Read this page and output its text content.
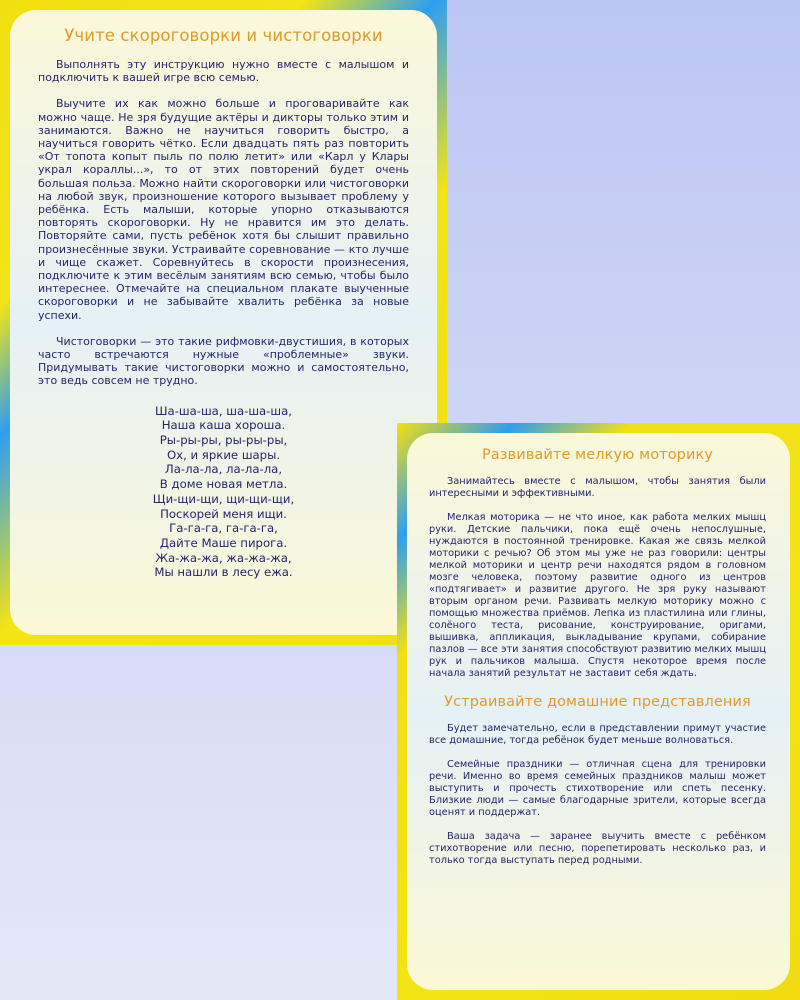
Учите скороговорки и чистоговорки

Выполнять эту инструкцию нужно вместе с малышом и подключить к вашей игре всю семью.

Выучите их как можно больше и проговаривайте как можно чаще. Не зря будущие актёры и дикторы только этим и занимаются. Важно не научиться говорить быстро, а научиться говорить чётко. Если двадцать пять раз повторить «От топота копыт пыль по полю летит» или «Карл у Клары украл кораллы...», то от этих повторений будет очень большая польза. Можно найти скороговорки или чистоговорки на любой звук, произношение которого вызывает проблему у ребёнка. Есть малыши, которые упорно отказываются повторять скороговорки. Ну не нравится им это делать. Повторяйте сами, пусть ребёнок хотя бы слышит правильно произнесённые звуки. Устраивайте соревнование — кто лучше и чище скажет. Соревнуйтесь в скорости произнесения, подключите к этим весёлым занятиям всю семью, чтобы было интереснее. Отмечайте на специальном плакате выученные скороговорки и не забывайте хвалить ребёнка за новые успехи.

Чистоговорки — это такие рифмовки-двустишия, в которых часто встречаются нужные «проблемные» звуки. Придумывать такие чистоговорки можно и самостоятельно, это ведь совсем не трудно.

Ша-ша-ша, ша-ша-ша,
Наша каша хороша.
Ры-ры-ры, ры-ры-ры,
Ох, и яркие шары.
Ла-ла-ла, ла-ла-ла,
В доме новая метла.
Щи-щи-щи, щи-щи-щи,
Поскорей меня ищи.
Га-га-га, га-га-га,
Дайте Маше пирога.
Жа-жа-жа, жа-жа-жа,
Мы нашли в лесу ежа.
Развивайте мелкую моторику

Занимайтесь вместе с малышом, чтобы занятия были интересными и эффективными.

Мелкая моторика — не что иное, как работа мелких мышц руки. Детские пальчики, пока ещё очень непослушные, нуждаются в постоянной тренировке. Какая же связь мелкой моторики с речью? Об этом мы уже не раз говорили: центры мелкой моторики и центр речи находятся рядом в головном мозге человека, поэтому развитие одного из центров «подтягивает» и развитие другого. Не зря руку называют вторым органом речи. Развивать мелкую моторику можно с помощью множества приёмов. Лепка из пластилина или глины, солёного теста, рисование, конструирование, оригами, вышивка, аппликация, выкладывание крупами, собирание пазлов — все эти занятия способствуют развитию мелких мышц рук и пальчиков малыша. Спустя некоторое время после начала занятий результат не заставит себя ждать.

Устраивайте домашние представления

Будет замечательно, если в представлении примут участие все домашние, тогда ребёнок будет меньше волноваться.

Семейные праздники — отличная сцена для тренировки речи. Именно во время семейных праздников малыш может выступить и прочесть стихотворение или спеть песенку. Близкие люди — самые благодарные зрители, которые всегда оценят и поддержат.

Ваша задача — заранее выучить вместе с ребёнком стихотворение или песню, порепетировать несколько раз, и только тогда выступать перед родными.
